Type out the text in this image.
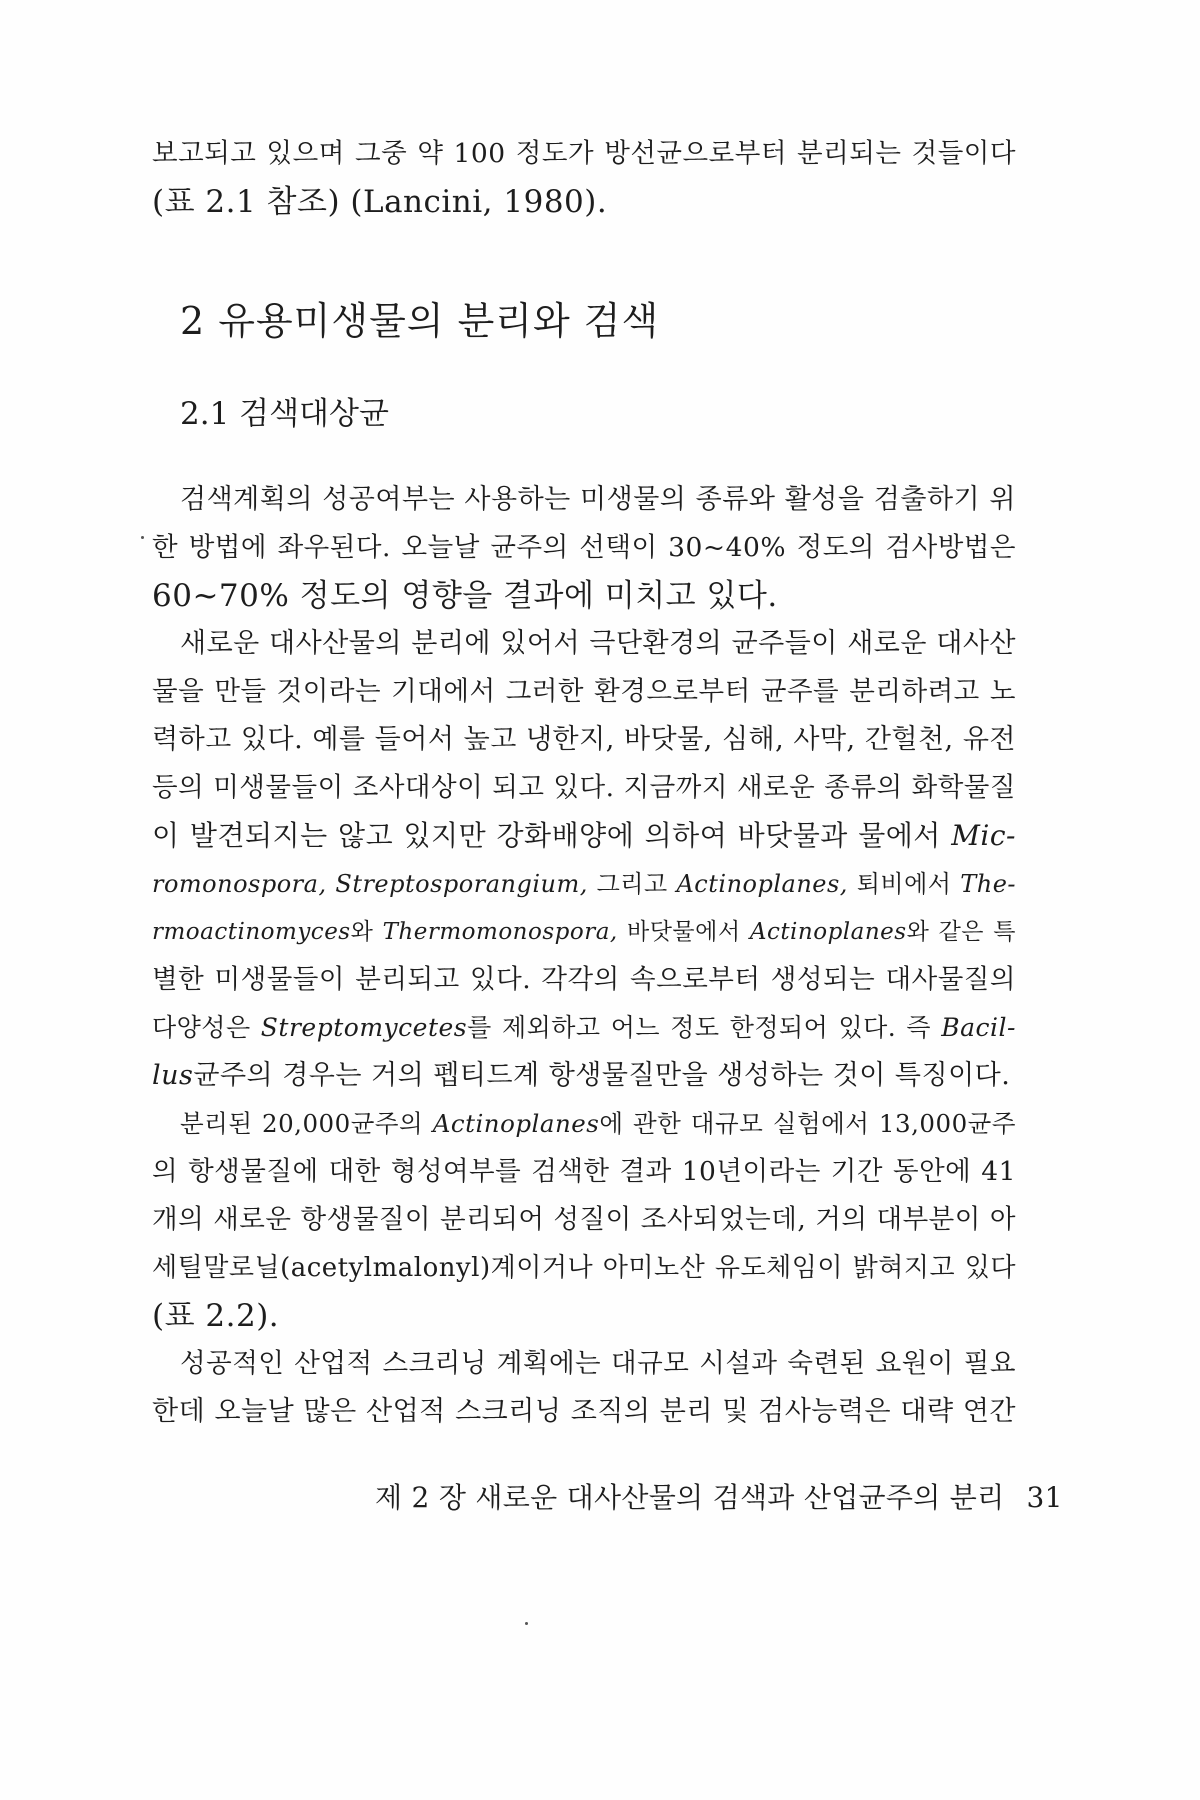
보고되고 있으며 그중 약 100 정도가 방선균으로부터 분리되는 것들이다
(표 2.1 참조) (Lancini, 1980).
2 유용미생물의 분리와 검색
2.1 검색대상균
검색계획의 성공여부는 사용하는 미생물의 종류와 활성을 검출하기 위
한 방법에 좌우된다. 오늘날 균주의 선택이 30~40% 정도의 검사방법은
60~70% 정도의 영향을 결과에 미치고 있다.
새로운 대사산물의 분리에 있어서 극단환경의 균주들이 새로운 대사산
물을 만들 것이라는 기대에서 그러한 환경으로부터 균주를 분리하려고 노
력하고 있다. 예를 들어서 높고 냉한지, 바닷물, 심해, 사막, 간헐천, 유전
등의 미생물들이 조사대상이 되고 있다. 지금까지 새로운 종류의 화학물질
이 발견되지는 않고 있지만 강화배양에 의하여 바닷물과 물에서 Mic-
romonospora, Streptosporangium, 그리고 Actinoplanes, 퇴비에서 The-
rmoactinomyces와 Thermomonospora, 바닷물에서 Actinoplanes와 같은 특
별한 미생물들이 분리되고 있다. 각각의 속으로부터 생성되는 대사물질의
다양성은 Streptomycetes를 제외하고 어느 정도 한정되어 있다. 즉 Bacil-
lus균주의 경우는 거의 펩티드계 항생물질만을 생성하는 것이 특징이다.
분리된 20,000균주의 Actinoplanes에 관한 대규모 실험에서 13,000균주
의 항생물질에 대한 형성여부를 검색한 결과 10년이라는 기간 동안에 41
개의 새로운 항생물질이 분리되어 성질이 조사되었는데, 거의 대부분이 아
세틸말로닐(acetylmalonyl)계이거나 아미노산 유도체임이 밝혀지고 있다
(표 2.2).
성공적인 산업적 스크리닝 계획에는 대규모 시설과 숙련된 요원이 필요
한데 오늘날 많은 산업적 스크리닝 조직의 분리 및 검사능력은 대략 연간
제 2 장 새로운 대사산물의 검색과 산업균주의 분리 31
